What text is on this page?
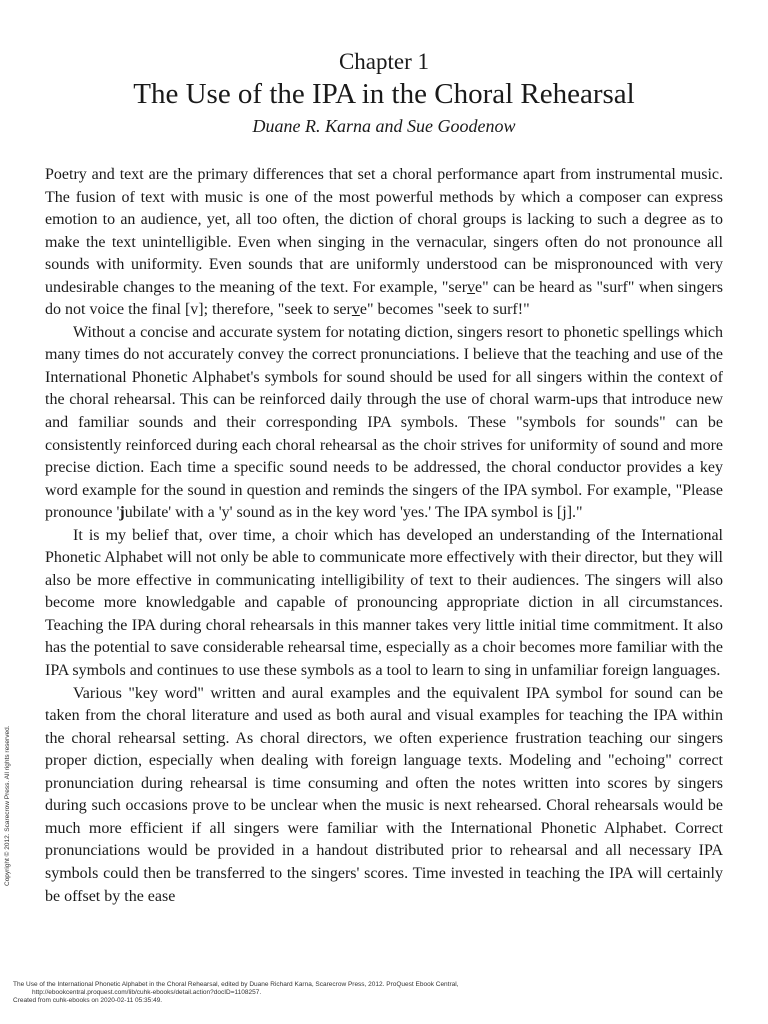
Chapter 1
The Use of the IPA in the Choral Rehearsal
Duane R. Karna and Sue Goodenow

Poetry and text are the primary differences that set a choral performance apart from instrumental music. The fusion of text with music is one of the most powerful methods by which a composer can express emotion to an audience, yet, all too often, the diction of choral groups is lacking to such a degree as to make the text unintelligible. Even when singing in the vernacular, singers often do not pronounce all sounds with uniformity. Even sounds that are uniformly understood can be mispronounced with very undesirable changes to the meaning of the text. For example, "serve" can be heard as "surf" when singers do not voice the final [v]; therefore, "seek to serve" becomes "seek to surf!"

Without a concise and accurate system for notating diction, singers resort to phonetic spellings which many times do not accurately convey the correct pronunciations. I believe that the teaching and use of the International Phonetic Alphabet's symbols for sound should be used for all singers within the context of the choral rehearsal. This can be reinforced daily through the use of choral warm-ups that introduce new and familiar sounds and their corresponding IPA symbols. These "symbols for sounds" can be consistently reinforced during each choral rehearsal as the choir strives for uniformity of sound and more precise diction. Each time a specific sound needs to be addressed, the choral conductor provides a key word example for the sound in question and reminds the singers of the IPA symbol. For example, "Please pronounce 'jubilate' with a 'y' sound as in the key word 'yes.' The IPA symbol is [j]."

It is my belief that, over time, a choir which has developed an understanding of the International Phonetic Alphabet will not only be able to communicate more effectively with their director, but they will also be more effective in communicating intelligibility of text to their audiences. The singers will also become more knowledgable and capable of pronouncing appropriate diction in all circumstances. Teaching the IPA during choral rehearsals in this manner takes very little initial time commitment. It also has the potential to save considerable rehearsal time, especially as a choir becomes more familiar with the IPA symbols and continues to use these symbols as a tool to learn to sing in unfamiliar foreign languages.

Various "key word" written and aural examples and the equivalent IPA symbol for sound can be taken from the choral literature and used as both aural and visual examples for teaching the IPA within the choral rehearsal setting. As choral directors, we often experience frustration teaching our singers proper diction, especially when dealing with foreign language texts. Modeling and "echoing" correct pronunciation during rehearsal is time consuming and often the notes written into scores by singers during such occasions prove to be unclear when the music is next rehearsed. Choral rehearsals would be much more efficient if all singers were familiar with the International Phonetic Alphabet. Correct pronunciations would be provided in a handout distributed prior to rehearsal and all necessary IPA symbols could then be transferred to the singers' scores. Time invested in teaching the IPA will certainly be offset by the ease

Copyright © 2012. Scarecrow Press. All rights reserved.
The Use of the International Phonetic Alphabet in the Choral Rehearsal, edited by Duane Richard Karna, Scarecrow Press, 2012. ProQuest Ebook Central,
http://ebookcentral.proquest.com/lib/cuhk-ebooks/detail.action?docID=1108257.
Created from cuhk-ebooks on 2020-02-11 05:35:49.
